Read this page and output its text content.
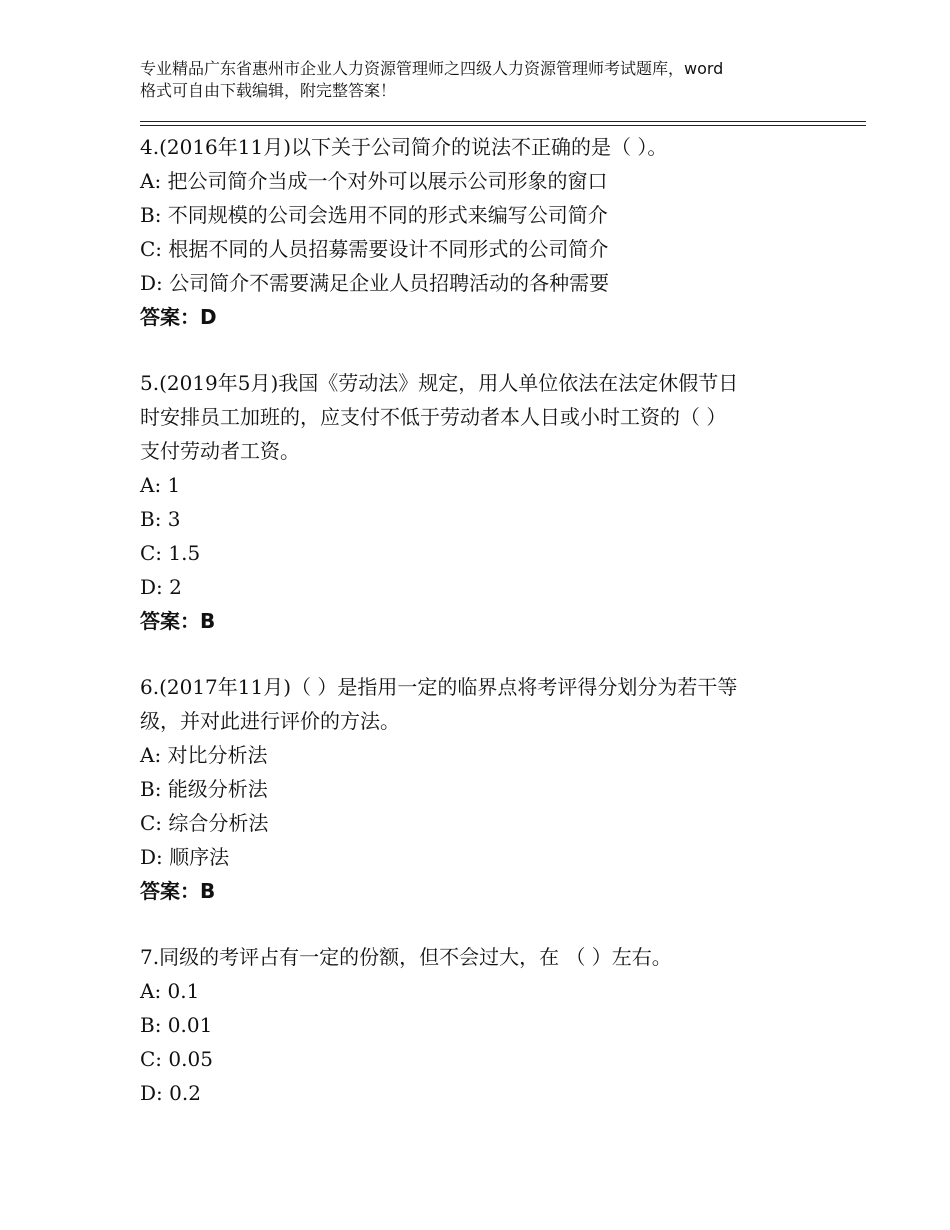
专业精品广东省惠州市企业人力资源管理师之四级人力资源管理师考试题库，word
格式可自由下载编辑，附完整答案！
4.(2016年11月)以下关于公司简介的说法不正确的是（ ）。
A: 把公司简介当成一个对外可以展示公司形象的窗口
B: 不同规模的公司会选用不同的形式来编写公司简介
C: 根据不同的人员招募需要设计不同形式的公司简介
D: 公司简介不需要满足企业人员招聘活动的各种需要
答案：D
5.(2019年5月)我国《劳动法》规定，用人单位依法在法定休假节日
时安排员工加班的，应支付不低于劳动者本人日或小时工资的（ ）
支付劳动者工资。
A: 1
B: 3
C: 1.5
D: 2
答案：B
6.(2017年11月)（ ）是指用一定的临界点将考评得分划分为若干等
级，并对此进行评价的方法。
A: 对比分析法
B: 能级分析法
C: 综合分析法
D: 顺序法
答案：B
7.同级的考评占有一定的份额，但不会过大，在 （ ）左右。
A: 0.1
B: 0.01
C: 0.05
D: 0.2
